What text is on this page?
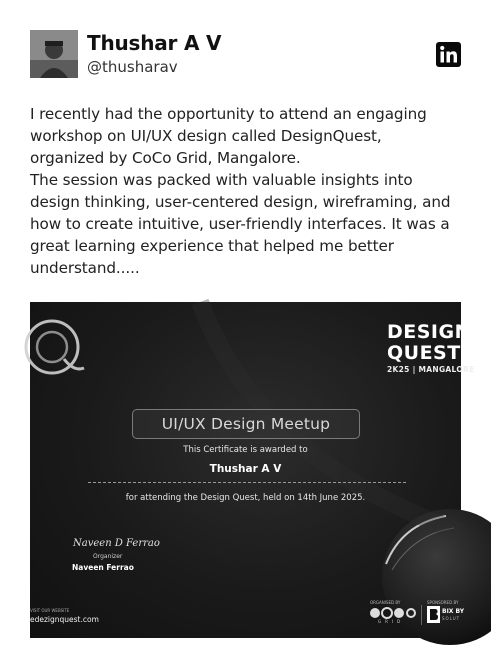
Thushar A V
@thusharav
I recently had the opportunity to attend an engaging
workshop on UI/UX design called DesignQuest,
organized by CoCo Grid, Mangalore.
The session was packed with valuable insights into
design thinking, user-centered design, wireframing, and
how to create intuitive, user-friendly interfaces. It was a
great learning experience that helped me better
understand.....
DESIGN
QUEST
2K25 | MANGALORE
UI/UX Design Meetup
This Certificate is awarded to
Thushar A V
for attending the Design Quest, held on 14th June 2025.
Naveen D Ferrao
Organizer
Naveen Ferrao
VISIT OUR WEBSITE
edezignquest.com
ORGANISED BY
GRID
SPONSORED BY
BIX BY
SOLUT
